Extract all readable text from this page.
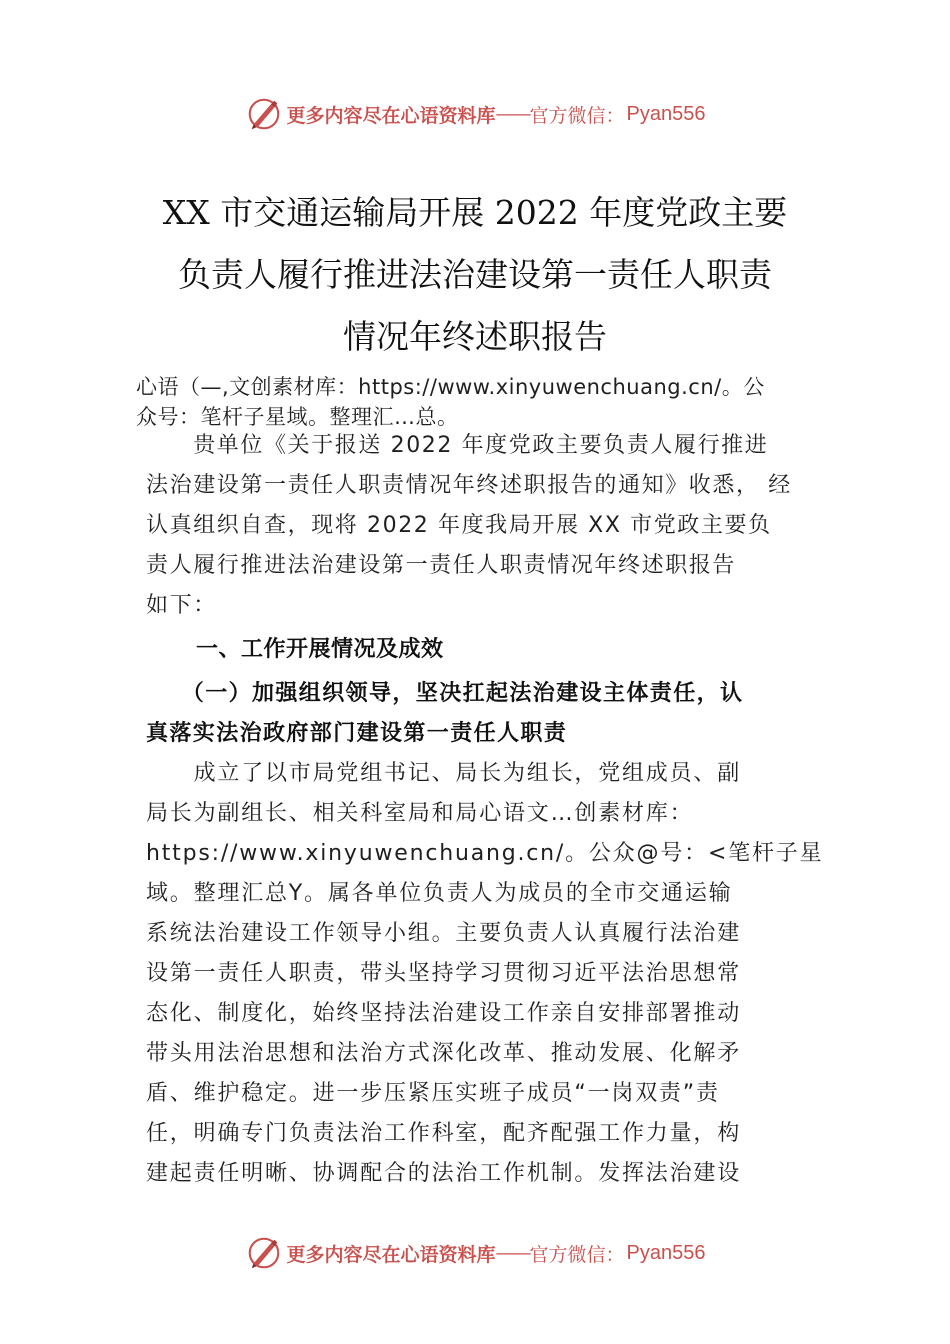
更多内容尽在心语资料库 —— 官方微信： Pyan556
XX 市交通运输局开展 2022 年度党政主要
负责人履行推进法治建设第一责任人职责
情况年终述职报告
心语（—,文创素材库：https://www.xinyuwenchuang.cn/。公
众号：笔杆子星域。整理汇…总。
　　贵单位《关于报送 2022 年度党政主要负责人履行推进
法治建设第一责任人职责情况年终述职报告的通知》收悉， 经
认真组织自查，现将 2022 年度我局开展 XX 市党政主要负
责人履行推进法治建设第一责任人职责情况年终述职报告
如下：
一、工作开展情况及成效
　　（一）加强组织领导，坚决扛起法治建设主体责任，认
真落实法治政府部门建设第一责任人职责
　　成立了以市局党组书记、局长为组长，党组成员、副
局长为副组长、相关科室局和局心语文…创素材库：
https://www.xinyuwenchuang.cn/。公众@号：<笔杆子星
域。整理汇总Y。属各单位负责人为成员的全市交通运输
系统法治建设工作领导小组。主要负责人认真履行法治建
设第一责任人职责，带头坚持学习贯彻习近平法治思想常
态化、制度化，始终坚持法治建设工作亲自安排部署推动
带头用法治思想和法治方式深化改革、推动发展、化解矛
盾、维护稳定。进一步压紧压实班子成员“一岗双责”责
任，明确专门负责法治工作科室，配齐配强工作力量，构
建起责任明晰、协调配合的法治工作机制。发挥法治建设
更多内容尽在心语资料库 —— 官方微信： Pyan556
